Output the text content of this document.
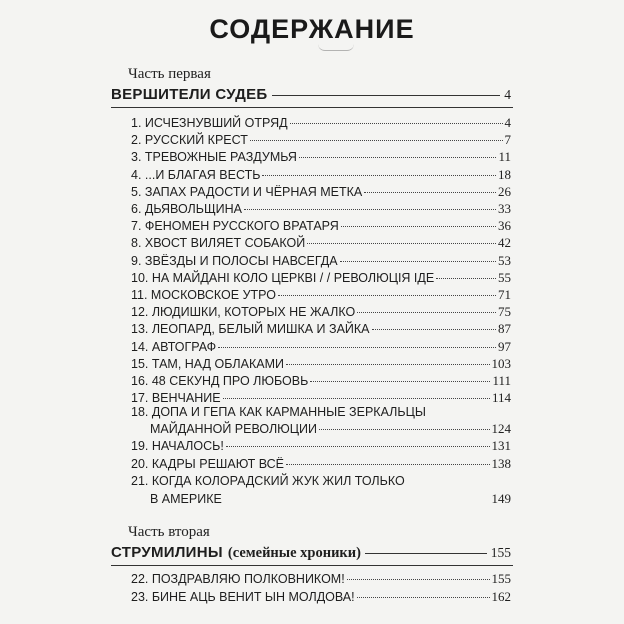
СОДЕРЖАНИЕ
Часть первая
ВЕРШИТЕЛИ СУДЕБ	4
1. ИСЧЕЗНУВШИЙ ОТРЯД	4
2. РУССКИЙ КРЕСТ	7
3. ТРЕВОЖНЫЕ РАЗДУМЬЯ	11
4. ...И БЛАГАЯ ВЕСТЬ	18
5. ЗАПАХ РАДОСТИ И ЧЁРНАЯ МЕТКА	26
6. ДЬЯВОЛЬЩИНА	33
7. ФЕНОМЕН РУССКОГО ВРАТАРЯ	36
8. ХВОСТ ВИЛЯЕТ СОБАКОЙ	42
9. ЗВЁЗДЫ И ПОЛОСЫ НАВСЕГДА	53
10. НА МАЙДАНІ КОЛО ЦЕРКВІ / / РЕВОЛЮЦІЯ ІДЕ	55
11. МОСКОВСКОЕ УТРО	71
12. ЛЮДИШКИ, КОТОРЫХ НЕ ЖАЛКО	75
13. ЛЕОПАРД, БЕЛЫЙ МИШКА И ЗАЙКА	87
14. АВТОГРАФ	97
15. ТАМ, НАД ОБЛАКАМИ	103
16. 48 СЕКУНД ПРО ЛЮБОВЬ	111
17. ВЕНЧАНИЕ	114
18. ДОПА И ГЕПА КАК КАРМАННЫЕ ЗЕРКАЛЬЦЫ
МАЙДАННОЙ РЕВОЛЮЦИИ	124
19. НАЧАЛОСЬ!	131
20. КАДРЫ РЕШАЮТ ВСЁ	138
21. КОГДА КОЛОРАДСКИЙ ЖУК ЖИЛ ТОЛЬКО
В АМЕРИКЕ	149
Часть вторая
СТРУМИЛИНЫ (семейные хроники)	155
22. ПОЗДРАВЛЯЮ ПОЛКОВНИКОМ!	155
23. БИНЕ АЦЬ ВЕНИТ ЫН МОЛДОВА!	162
